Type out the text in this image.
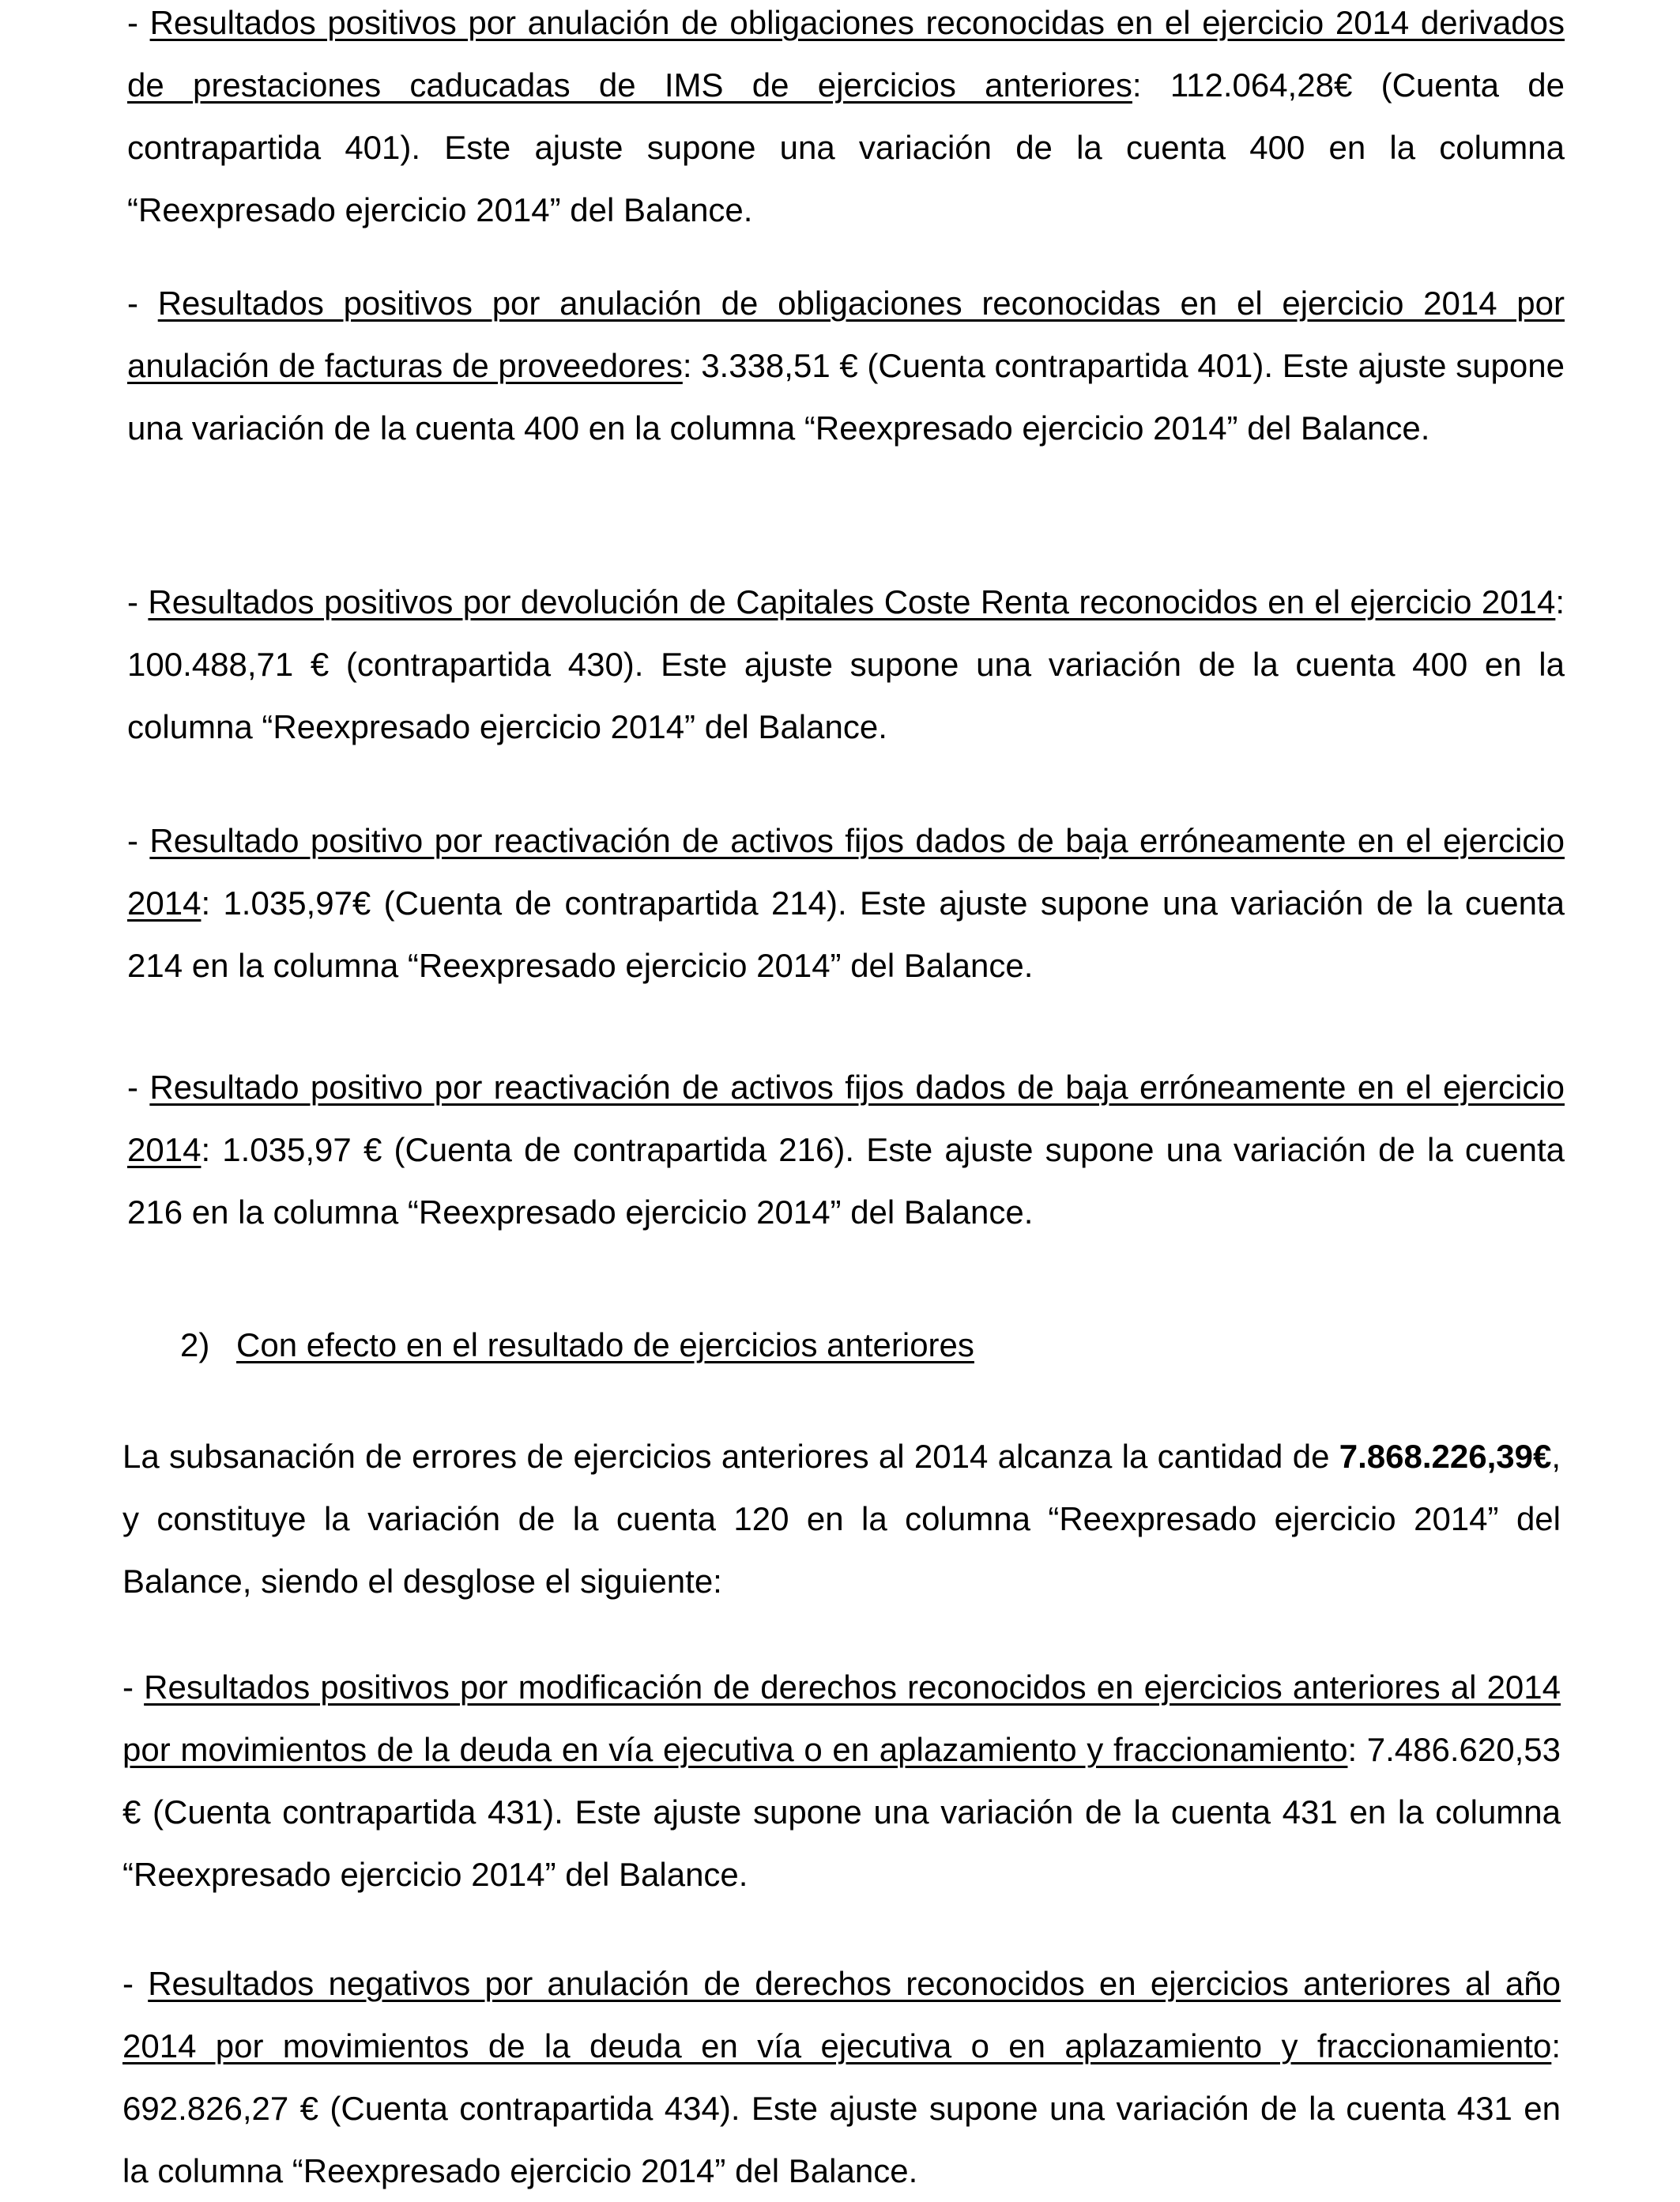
- Resultados positivos por anulación de obligaciones reconocidas en el ejercicio 2014 derivados de prestaciones caducadas de IMS de ejercicios anteriores: 112.064,28€ (Cuenta de contrapartida 401). Este ajuste supone una variación de la cuenta 400 en la columna “Reexpresado ejercicio 2014” del Balance.

- Resultados positivos por anulación de obligaciones reconocidas en el ejercicio 2014 por anulación de facturas de proveedores: 3.338,51 € (Cuenta contrapartida 401). Este ajuste supone una variación de la cuenta 400 en la columna “Reexpresado ejercicio 2014” del Balance.

- Resultados positivos por devolución de Capitales Coste Renta reconocidos en el ejercicio 2014: 100.488,71 € (contrapartida 430). Este ajuste supone una variación de la cuenta 400 en la columna “Reexpresado ejercicio 2014” del Balance.

- Resultado positivo por reactivación de activos fijos dados de baja erróneamente en el ejercicio 2014: 1.035,97€ (Cuenta de contrapartida 214). Este ajuste supone una variación de la cuenta 214 en la columna “Reexpresado ejercicio 2014” del Balance.

- Resultado positivo por reactivación de activos fijos dados de baja erróneamente en el ejercicio 2014: 1.035,97 € (Cuenta de contrapartida 216). Este ajuste supone una variación de la cuenta 216 en la columna “Reexpresado ejercicio 2014” del Balance.

2) Con efecto en el resultado de ejercicios anteriores

La subsanación de errores de ejercicios anteriores al 2014 alcanza la cantidad de 7.868.226,39€, y constituye la variación de la cuenta 120 en la columna “Reexpresado ejercicio 2014” del Balance, siendo el desglose el siguiente:

- Resultados positivos por modificación de derechos reconocidos en ejercicios anteriores al 2014 por movimientos de la deuda en vía ejecutiva o en aplazamiento y fraccionamiento: 7.486.620,53 € (Cuenta contrapartida 431). Este ajuste supone una variación de la cuenta 431 en la columna “Reexpresado ejercicio 2014” del Balance.

- Resultados negativos por anulación de derechos reconocidos en ejercicios anteriores al año 2014 por movimientos de la deuda en vía ejecutiva o en aplazamiento y fraccionamiento: 692.826,27 € (Cuenta contrapartida 434). Este ajuste supone una variación de la cuenta 431 en la columna “Reexpresado ejercicio 2014” del Balance.
